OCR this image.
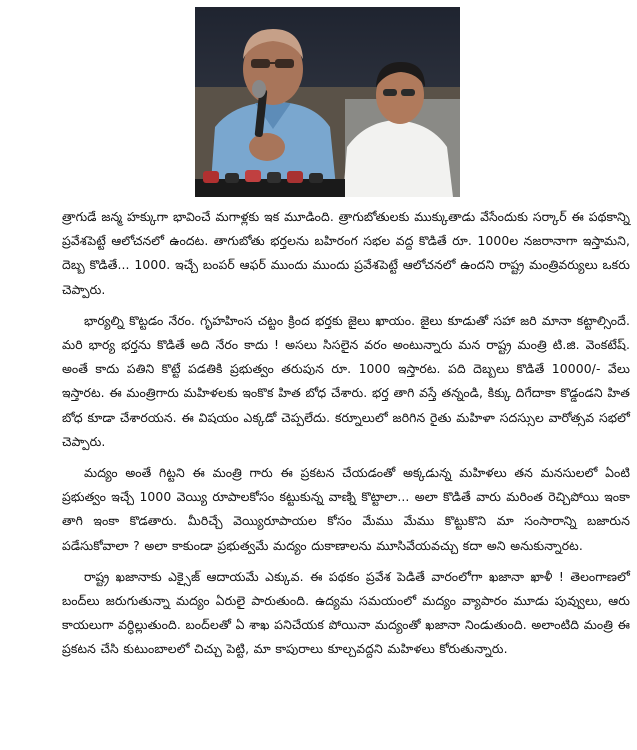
త్రాగుడే జన్మ హక్కుగా భావించే మగాళ్లకు ఇక మూడింది. త్రాగుబోతులకు ముక్కుతాడు వేసేందుకు సర్కార్ ఈ పథకాన్ని ప్రవేశపెట్టే ఆలోచనలో ఉందట. తాగుబోతు భర్తలను బహిరంగ సభల వద్ద కొడితే రూ. 1000ల నజరానాగా ఇస్తామని, దెబ్బ కొడితే... 1000. ఇచ్చే బంపర్ ఆఫర్ ముందు ముందు ప్రవేశపెట్టే ఆలోచనలో ఉందని రాష్ట్ర మంత్రివర్యులు ఒకరు చెప్పారు.

భార్యల్ని కొట్టడం నేరం. గృహహింస చట్టం క్రింద భర్తకు జైలు ఖాయం. జైలు కూడుతో సహా జరి మానా కట్టాల్సిందే. మరి భార్య భర్తను కొడితే అది నేరం కాదు ! అసలు సిసలైన వరం అంటున్నారు మన రాష్ట్ర మంత్రి టి.జి. వెంకటేష్. అంతే కాదు పతిని కొట్టే పడతికి ప్రభుత్వం తరుపున రూ. 1000 ఇస్తారట. పది దెబ్బలు కొడితే 10000/- వేలు ఇస్తారట. ఈ మంత్రిగారు మహిళలకు ఇంకొక హిత బోధ చేశారు. భర్త తాగి వస్తే తన్నండి, కిక్కు దిగేదాకా కొడ్డండని హిత బోధ కూడా చేశారయన. ఈ విషయం ఎక్కడో చెప్పలేదు. కర్నూలులో జరిగిన రైతు మహిళా సదస్సుల వారోత్సవ సభలో చెప్పారు.

మద్యం అంతే గిట్టని ఈ మంత్రి గారు ఈ ప్రకటన చేయడంతో అక్కడున్న మహిళలు తన మనసులలో ఏంటి ప్రభుత్వం ఇచ్చే 1000 వెయ్యి రూపాలకోసం కట్టుకున్న వాణ్ని కొట్టాలా... అలా కొడితే వారు మరింత రెచ్చిపోయి ఇంకా తాగి ఇంకా కొడతారు. మీరిచ్చే వెయ్యిరూపాయల కోసం మేము మేము కొట్టుకొని మా సంసారాన్ని బజారున పడేసుకోవాలా ? అలా కాకుండా ప్రభుత్వమే మద్యం దుకాణాలను మూసివేయవచ్చు కదా అని అనుకున్నారట.

రాష్ట్ర ఖజానాకు ఎక్సైజ్ ఆదాయమే ఎక్కువ. ఈ పథకం ప్రవేశ పెడితే వారంలోగా ఖజానా ఖాళీ ! తెలంగాణలో బంద్‌లు జరుగుతున్నా మద్యం ఏరులై పారుతుంది. ఉద్యమ సమయంలో మద్యం వ్యాపారం మూడు పువ్వులు, ఆరు కాయలుగా వర్ధిల్లుతుంది. బంద్‌లతో ఏ శాఖ పనిచేయక పోయినా మద్యంతో ఖజానా నిండుతుంది. అలాంటిది మంత్రి ఈ ప్రకటన చేసి కుటుంబాలలో చిచ్చు పెట్టి, మా కాపురాలు కూల్చవద్దని మహిళలు కోరుతున్నారు.
